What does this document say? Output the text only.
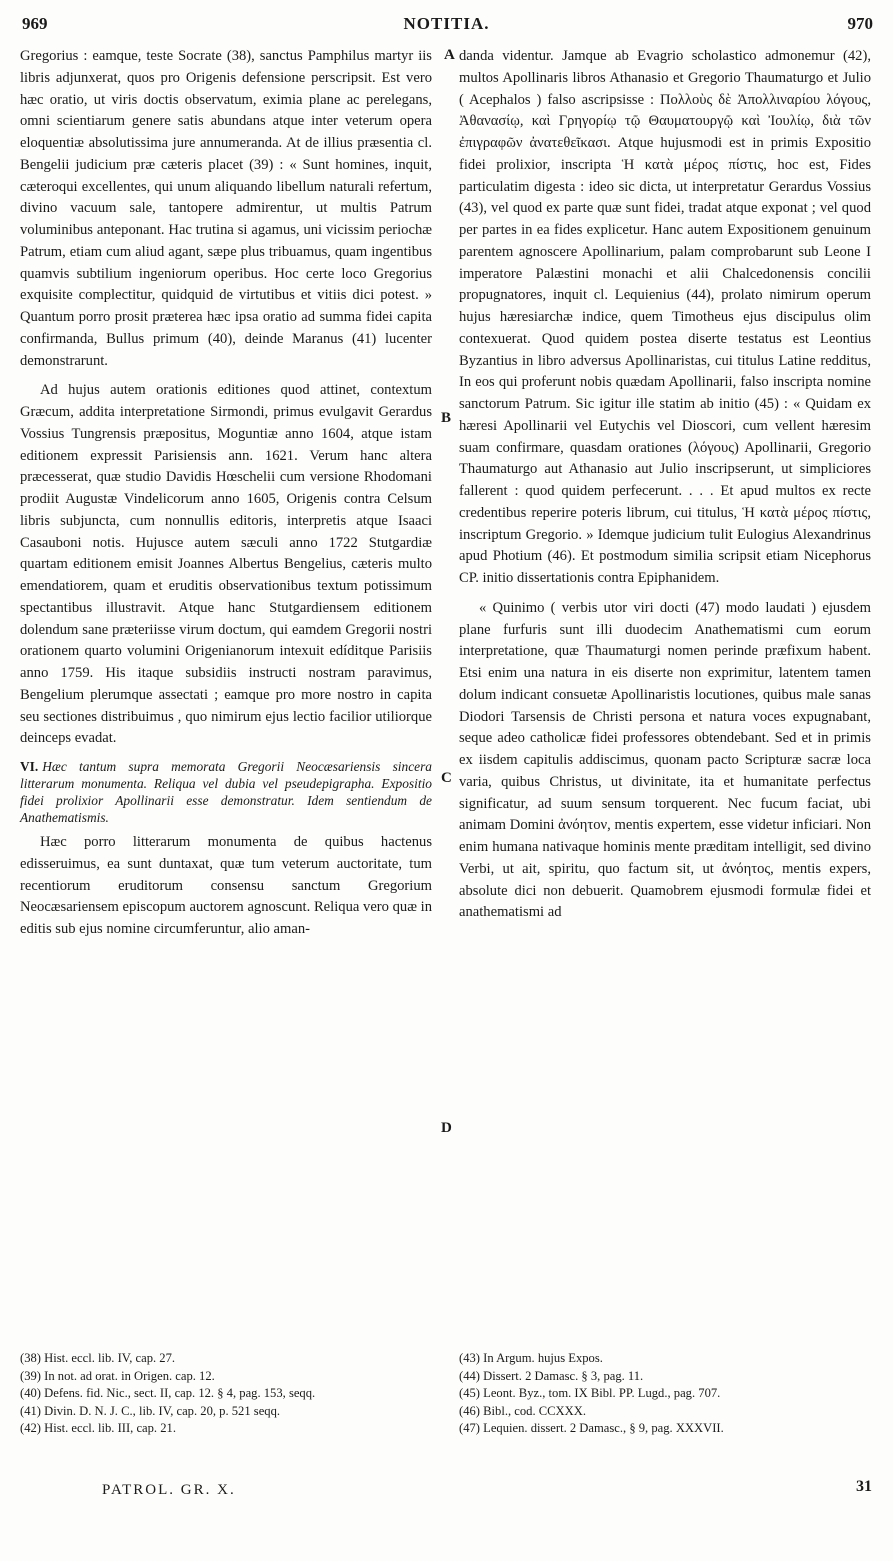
969	NOTITIA.	970
A
B
C
D

Gregorius : eamque, teste Socrate (38), sanctus Pamphilus martyr iis libris adjunxerat, quos pro Origenis defensione perscripsit. Est vero hæc oratio, ut viris doctis observatum, eximia plane ac perelegans, omni scientiarum genere satis abundans atque inter veterum opera eloquentiæ absolutissima jure annumeranda. At de illius præsentia cl. Bengelii judicium præ cæteris placet (39) : « Sunt homines, inquit, cæteroqui excellentes, qui unum aliquando libellum naturali refertum, divino vacuum sale, tantopere admirentur, ut multis Patrum voluminibus anteponant. Hac trutina si agamus, uni vicissim periochæ Patrum, etiam cum aliud agant, sæpe plus tribuamus, quam ingentibus quamvis subtilium ingeniorum operibus. Hoc certe loco Gregorius exquisite complectitur, quidquid de virtutibus et vitiis dici potest. » Quantum porro prosit præterea hæc ipsa oratio ad summa fidei capita confirmanda, Bullus primum (40), deinde Maranus (41) lucenter demonstrarunt.

Ad hujus autem orationis editiones quod attinet, contextum Græcum, addita interpretatione Sirmondi, primus evulgavit Gerardus Vossius Tungrensis præpositus, Moguntiæ anno 1604, atque istam editionem expressit Parisiensis ann. 1621. Verum hanc altera præcesserat, quæ studio Davidis Hœschelii cum versione Rhodomani prodiit Augustæ Vindelicorum anno 1605, Origenis contra Celsum libris subjuncta, cum nonnullis editoris, interpretis atque Isaaci Casauboni notis. Hujusce autem sæculi anno 1722 Stutgardiæ quartam editionem emisit Joannes Albertus Bengelius, cæteris multo emendatiorem, quam et eruditis observationibus textum potissimum spectantibus illustravit. Atque hanc Stutgardiensem editionem dolendum sane præteriisse virum doctum, qui eamdem Gregorii nostri orationem quarto volumini Origenianorum intexuit edíditque Parisiis anno 1759. His itaque subsidiis instructi nostram paravimus, Bengelium plerumque assectati ; eamque pro more nostro in capita seu sectiones distribuimus , quo nimirum ejus lectio facilior utiliorque deinceps evadat.

VI. Hæc tantum supra memorata Gregorii Neocæsariensis sincera litterarum monumenta. Reliqua vel dubia vel pseudepigrapha. Expositio fidei prolixior Apollinarii esse demonstratur. Idem sentiendum de Anathematismis.

Hæc porro litterarum monumenta de quibus hactenus edisseruimus, ea sunt duntaxat, quæ tum veterum auctoritate, tum recentiorum eruditorum consensu sanctum Gregorium Neocæsariensem episcopum auctorem agnoscunt. Reliqua vero quæ in editis sub ejus nomine circumferuntur, alio aman-

danda videntur. Jamque ab Evagrio scholastico admonemur (42), multos Apollinaris libros Athanasio et Gregorio Thaumaturgo et Julio ( Acephalos ) falso ascripsisse : Πολλοὺς δὲ Ἀπολλιναρίου λόγους, Ἀθανασίῳ, καὶ Γρηγορίῳ τῷ Θαυματουργῷ καὶ Ἰουλίῳ, διὰ τῶν ἐπιγραφῶν ἀνατεθεῖκασι. Atque hujusmodi est in primis Expositio fidei prolixior, inscripta Ἡ κατὰ μέρος πίστις, hoc est, Fides particulatim digesta : ideo sic dicta, ut interpretatur Gerardus Vossius (43), vel quod ex parte quæ sunt fidei, tradat atque exponat ; vel quod per partes in ea fides explicetur. Hanc autem Expositionem genuinum parentem agnoscere Apollinarium, palam comprobarunt sub Leone I imperatore Palæstini monachi et alii Chalcedonensis concilii propugnatores, inquit cl. Lequienius (44), prolato nimirum operum hujus hæresiarchæ indice, quem Timotheus ejus discipulus olim contexuerat. Quod quidem postea diserte testatus est Leontius Byzantius in libro adversus Apollinaristas, cui titulus Latine redditus, In eos qui proferunt nobis quædam Apollinarii, falso inscripta nomine sanctorum Patrum. Sic igitur ille statim ab initio (45) : « Quidam ex hæresi Apollinarii vel Eutychis vel Dioscori, cum vellent hæresim suam confirmare, quasdam orationes (λόγους) Apollinarii, Gregorio Thaumaturgo aut Athanasio aut Julio inscripserunt, ut simpliciores fallerent : quod quidem perfecerunt. . . . Et apud multos ex recte credentibus reperire poteris librum, cui titulus, Ἡ κατὰ μέρος πίστις, inscriptum Gregorio. » Idemque judicium tulit Eulogius Alexandrinus apud Photium (46). Et postmodum similia scripsit etiam Nicephorus CP. initio dissertationis contra Epiphanidem.

« Quinimo ( verbis utor viri docti (47) modo laudati ) ejusdem plane furfuris sunt illi duodecim Anathematismi cum eorum interpretatione, quæ Thaumaturgi nomen perinde præfixum habent. Etsi enim una natura in eis diserte non exprimitur, latentem tamen dolum indicant consuetæ Apollinaristis locutiones, quibus male sanas Diodori Tarsensis de Christi persona et natura voces expugnabant, seque adeo catholicæ fidei professores obtendebant. Sed et in primis ex iisdem capitulis addiscimus, quonam pacto Scripturæ sacræ loca varia, quibus Christus, ut divinitate, ita et humanitate perfectus significatur, ad suum sensum torquerent. Nec fucum faciat, ubi animam Domini ἀνόητον, mentis expertem, esse videtur inficiari. Non enim humana nativaque hominis mente præditam intelligit, sed divino Verbi, ut ait, spiritu, quo factum sit, ut ἀνόητος, mentis expers, absolute dici non debuerit. Quamobrem ejusmodi formulæ fidei et anathematismi ad

(38) Hist. eccl. lib. IV, cap. 27.

(39) In not. ad orat. in Origen. cap. 12.

(40) Defens. fid. Nic., sect. II, cap. 12. § 4, pag. 153, seqq.

(41) Divin. D. N. J. C., lib. IV, cap. 20, p. 521 seqq.

(42) Hist. eccl. lib. III, cap. 21.

(43) In Argum. hujus Expos.

(44) Dissert. 2 Damasc. § 3, pag. 11.

(45) Leont. Byz., tom. IX Bibl. PP. Lugd., pag. 707.

(46) Bibl., cod. CCXXX.

(47) Lequien. dissert. 2 Damasc., § 9, pag. XXXVII.

PATROL. GR. X.	31
